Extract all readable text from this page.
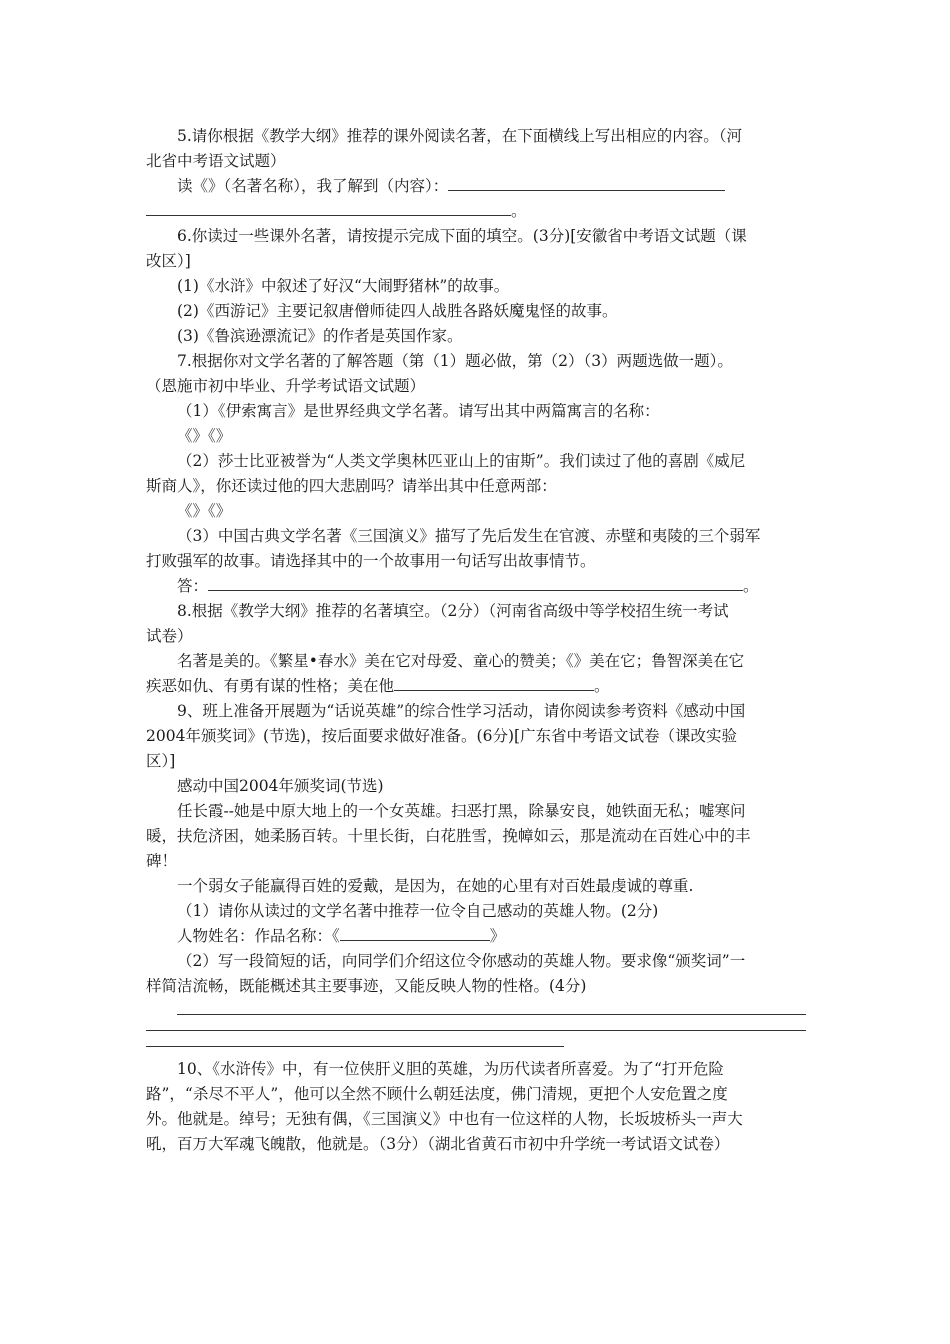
5.请你根据《教学大纲》推荐的课外阅读名著，在下面横线上写出相应的内容。（河
北省中考语文试题）
读《》（名著名称），我了解到（内容）：
。
6.你读过一些课外名著，请按提示完成下面的填空。(3分)[安徽省中考语文试题（课
改区）]
(1)《水浒》中叙述了好汉“大闹野猪林”的故事。
(2)《西游记》主要记叙唐僧师徒四人战胜各路妖魔鬼怪的故事。
(3)《鲁滨逊漂流记》的作者是英国作家。
7.根据你对文学名著的了解答题（第（1）题必做，第（2）（3）两题选做一题）。
（恩施市初中毕业、升学考试语文试题）
（1）《伊索寓言》是世界经典文学名著。请写出其中两篇寓言的名称：
《》《》
（2）莎士比亚被誉为“人类文学奥林匹亚山上的宙斯”。我们读过了他的喜剧《威尼
斯商人》，你还读过他的四大悲剧吗？请举出其中任意两部：
《》《》
（3）中国古典文学名著《三国演义》描写了先后发生在官渡、赤壁和夷陵的三个弱军
打败强军的故事。请选择其中的一个故事用一句话写出故事情节。
答：	。
8.根据《教学大纲》推荐的名著填空。（2分）（河南省高级中等学校招生统一考试
试卷）
名著是美的。《繁星•春水》美在它对母爱、童心的赞美；《》美在它；鲁智深美在它
疾恶如仇、有勇有谋的性格；美在他	。
9、班上准备开展题为“话说英雄”的综合性学习活动，请你阅读参考资料《感动中国
2004年颁奖词》(节选)，按后面要求做好准备。(6分)[广东省中考语文试卷（课改实验
区）]
感动中国2004年颁奖词(节选)
任长霞--她是中原大地上的一个女英雄。扫恶打黑，除暴安良，她铁面无私；嘘寒问
暖，扶危济困，她柔肠百转。十里长街，白花胜雪，挽幛如云，那是流动在百姓心中的丰
碑！
一个弱女子能赢得百姓的爱戴，是因为，在她的心里有对百姓最虔诚的尊重.
（1）请你从读过的文学名著中推荐一位令自己感动的英雄人物。(2分)
人物姓名：作品名称：《	》
（2）写一段简短的话，向同学们介绍这位令你感动的英雄人物。要求像“颁奖词”一
样简洁流畅，既能概述其主要事迹，又能反映人物的性格。(4分)
10、《水浒传》中，有一位侠肝义胆的英雄，为历代读者所喜爱。为了“打开危险
路”，“杀尽不平人”，他可以全然不顾什么朝廷法度，佛门清规，更把个人安危置之度
外。他就是。绰号；无独有偶，《三国演义》中也有一位这样的人物，长坂坡桥头一声大
吼，百万大军魂飞魄散，他就是。（3分）（湖北省黄石市初中升学统一考试语文试卷）
